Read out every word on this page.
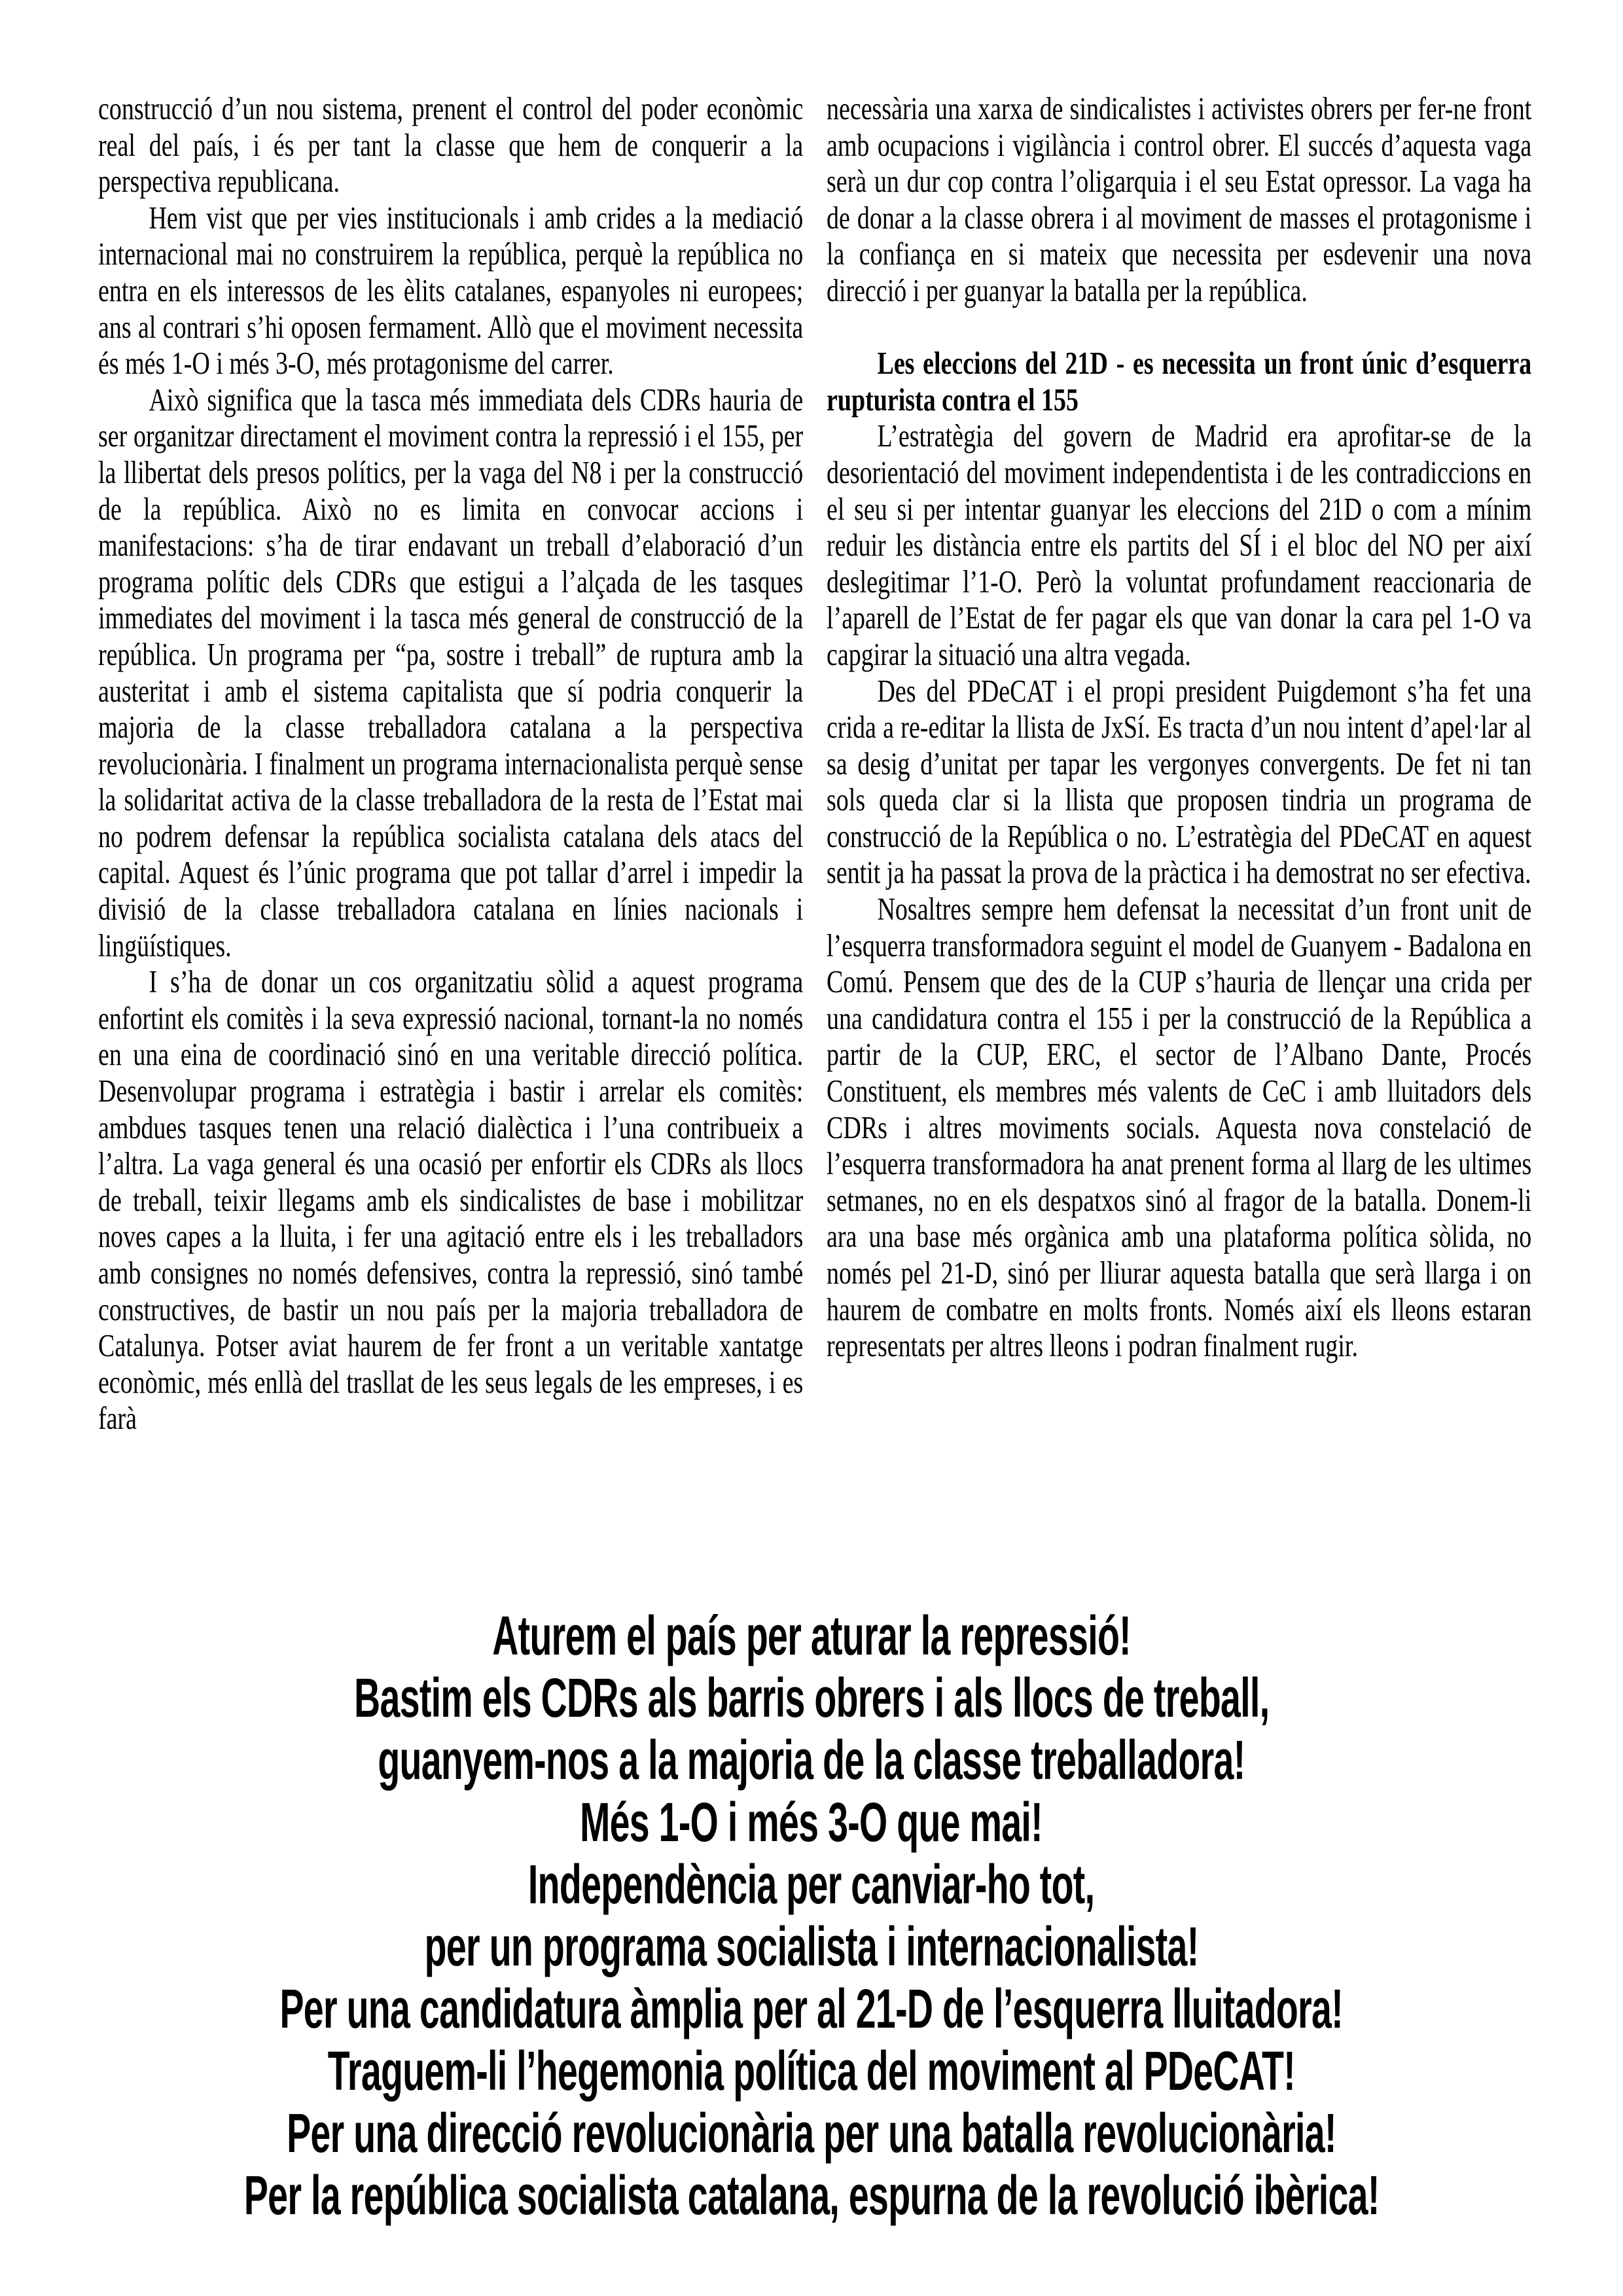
construcció d’un nou sistema, prenent el control del poder econòmic real del país, i és per tant la classe que hem de conquerir a la perspectiva republicana.

Hem vist que per vies institucionals i amb crides a la mediació internacional mai no construirem la república, perquè la república no entra en els interessos de les èlits catalanes, espanyoles ni europees; ans al contrari s’hi oposen fermament. Allò que el moviment necessita és més 1-O i més 3-O, més protagonisme del carrer.

Això significa que la tasca més immediata dels CDRs hauria de ser organitzar directament el moviment contra la repressió i el 155, per la llibertat dels presos polítics, per la vaga del N8 i per la construcció de la república. Això no es limita en convocar accions i manifestacions: s’ha de tirar endavant un treball d’elaboració d’un programa polític dels CDRs que estigui a l’alçada de les tasques immediates del moviment i la tasca més general de construcció de la república. Un programa per “pa, sostre i treball” de ruptura amb la austeritat i amb el sistema capitalista que sí podria conquerir la majoria de la classe treballadora catalana a la perspectiva revolucionària. I finalment un programa internacionalista perquè sense la solidaritat activa de la classe treballadora de la resta de l’Estat mai no podrem defensar la república socialista catalana dels atacs del capital. Aquest és l’únic programa que pot tallar d’arrel i impedir la divisió de la classe treballadora catalana en línies nacionals i lingüístiques.

I s’ha de donar un cos organitzatiu sòlid a aquest programa enfortint els comitès i la seva expressió nacional, tornant-la no només en una eina de coordinació sinó en una veritable direcció política. Desenvolupar programa i estratègia i bastir i arrelar els comitès: ambdues tasques tenen una relació dialèctica i l’una contribueix a l’altra. La vaga general és una ocasió per enfortir els CDRs als llocs de treball, teixir llegams amb els sindicalistes de base i mobilitzar noves capes a la lluita, i fer una agitació entre els i les treballadors amb consignes no només defensives, contra la repressió, sinó també constructives, de bastir un nou país per la majoria treballadora de Catalunya. Potser aviat haurem de fer front a un veritable xantatge econòmic, més enllà del trasllat de les seus legals de les empreses, i es farà

necessària una xarxa de sindicalistes i activistes obrers per fer-ne front amb ocupacions i vigilància i control obrer. El succés d’aquesta vaga serà un dur cop contra l’oligarquia i el seu Estat opressor. La vaga ha de donar a la classe obrera i al moviment de masses el protagonisme i la confiança en si mateix que necessita per esdevenir una nova direcció i per guanyar la batalla per la república.

Les eleccions del 21D - es necessita un front únic d’esquerra rupturista contra el 155

L’estratègia del govern de Madrid era aprofitar-se de la desorientació del moviment independentista i de les contradiccions en el seu si per intentar guanyar les eleccions del 21D o com a mínim reduir les distància entre els partits del SÍ i el bloc del NO per així deslegitimar l’1-O. Però la voluntat profundament reaccionaria de l’aparell de l’Estat de fer pagar els que van donar la cara pel 1-O va capgirar la situació una altra vegada.

Des del PDeCAT i el propi president Puigdemont s’ha fet una crida a re-editar la llista de JxSí. Es tracta d’un nou intent d’apel·lar al sa desig d’unitat per tapar les vergonyes convergents. De fet ni tan sols queda clar si la llista que proposen tindria un programa de construcció de la República o no. L’estratègia del PDeCAT en aquest sentit ja ha passat la prova de la pràctica i ha demostrat no ser efectiva.

Nosaltres sempre hem defensat la necessitat d’un front unit de l’esquerra transformadora seguint el model de Guanyem - Badalona en Comú. Pensem que des de la CUP s’hauria de llençar una crida per una candidatura contra el 155 i per la construcció de la República a partir de la CUP, ERC, el sector de l’Albano Dante, Procés Constituent, els membres més valents de CeC i amb lluitadors dels CDRs i altres moviments socials. Aquesta nova constelació de l’esquerra transformadora ha anat prenent forma al llarg de les ultimes setmanes, no en els despatxos sinó al fragor de la batalla. Donem-li ara una base més orgànica amb una plataforma política sòlida, no només pel 21-D, sinó per lliurar aquesta batalla que serà llarga i on haurem de combatre en molts fronts. Només així els lleons estaran representats per altres lleons i podran finalment rugir.

Aturem el país per aturar la repressió!
Bastim els CDRs als barris obrers i als llocs de treball,
guanyem-nos a la majoria de la classe treballadora!
Més 1-O i més 3-O que mai!
Independència per canviar-ho tot,
per un programa socialista i internacionalista!
Per una candidatura àmplia per al 21-D de l’esquerra lluitadora!
Traguem-li l’hegemonia política del moviment al PDeCAT!
Per una direcció revolucionària per una batalla revolucionària!
Per la república socialista catalana, espurna de la revolució ibèrica!
